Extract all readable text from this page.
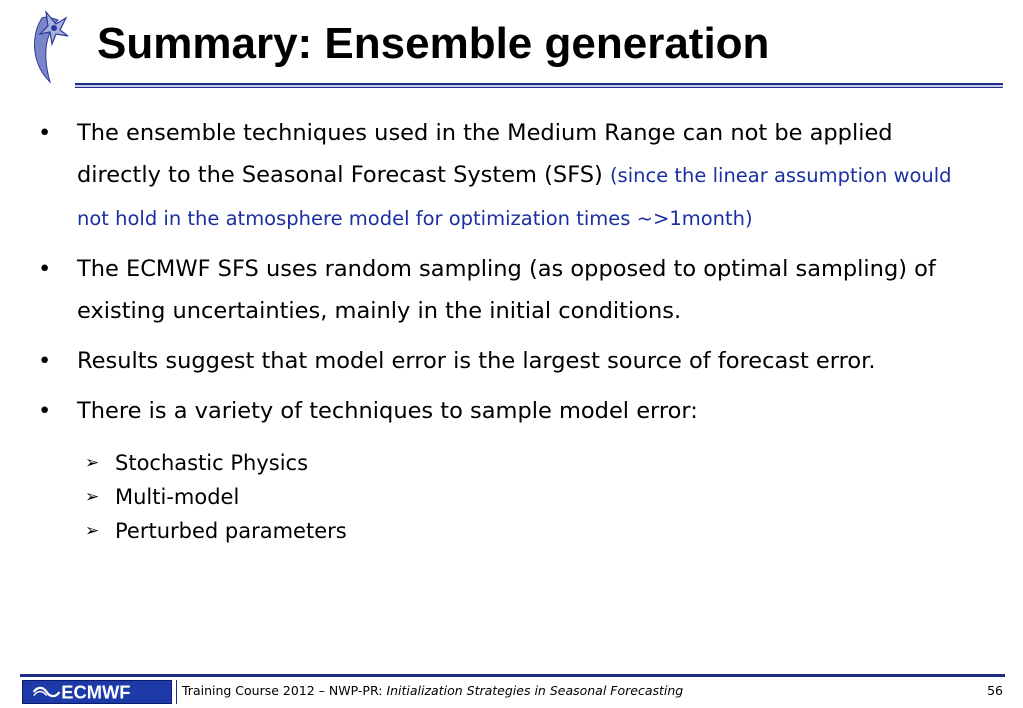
Summary: Ensemble generation
• The ensemble techniques used in the Medium Range can not be applied directly to the Seasonal Forecast System (SFS) (since the linear assumption would not hold in the atmosphere model for optimization times ~>1month)
• The ECMWF SFS uses random sampling (as opposed to optimal sampling) of existing uncertainties, mainly in the initial conditions.
• Results suggest that model error is the largest source of forecast error.
• There is a variety of techniques to sample model error:
➢ Stochastic Physics
➢ Multi-model
➢ Perturbed parameters
ECMWF	Training Course 2012 – NWP-PR: Initialization Strategies in Seasonal Forecasting	56
